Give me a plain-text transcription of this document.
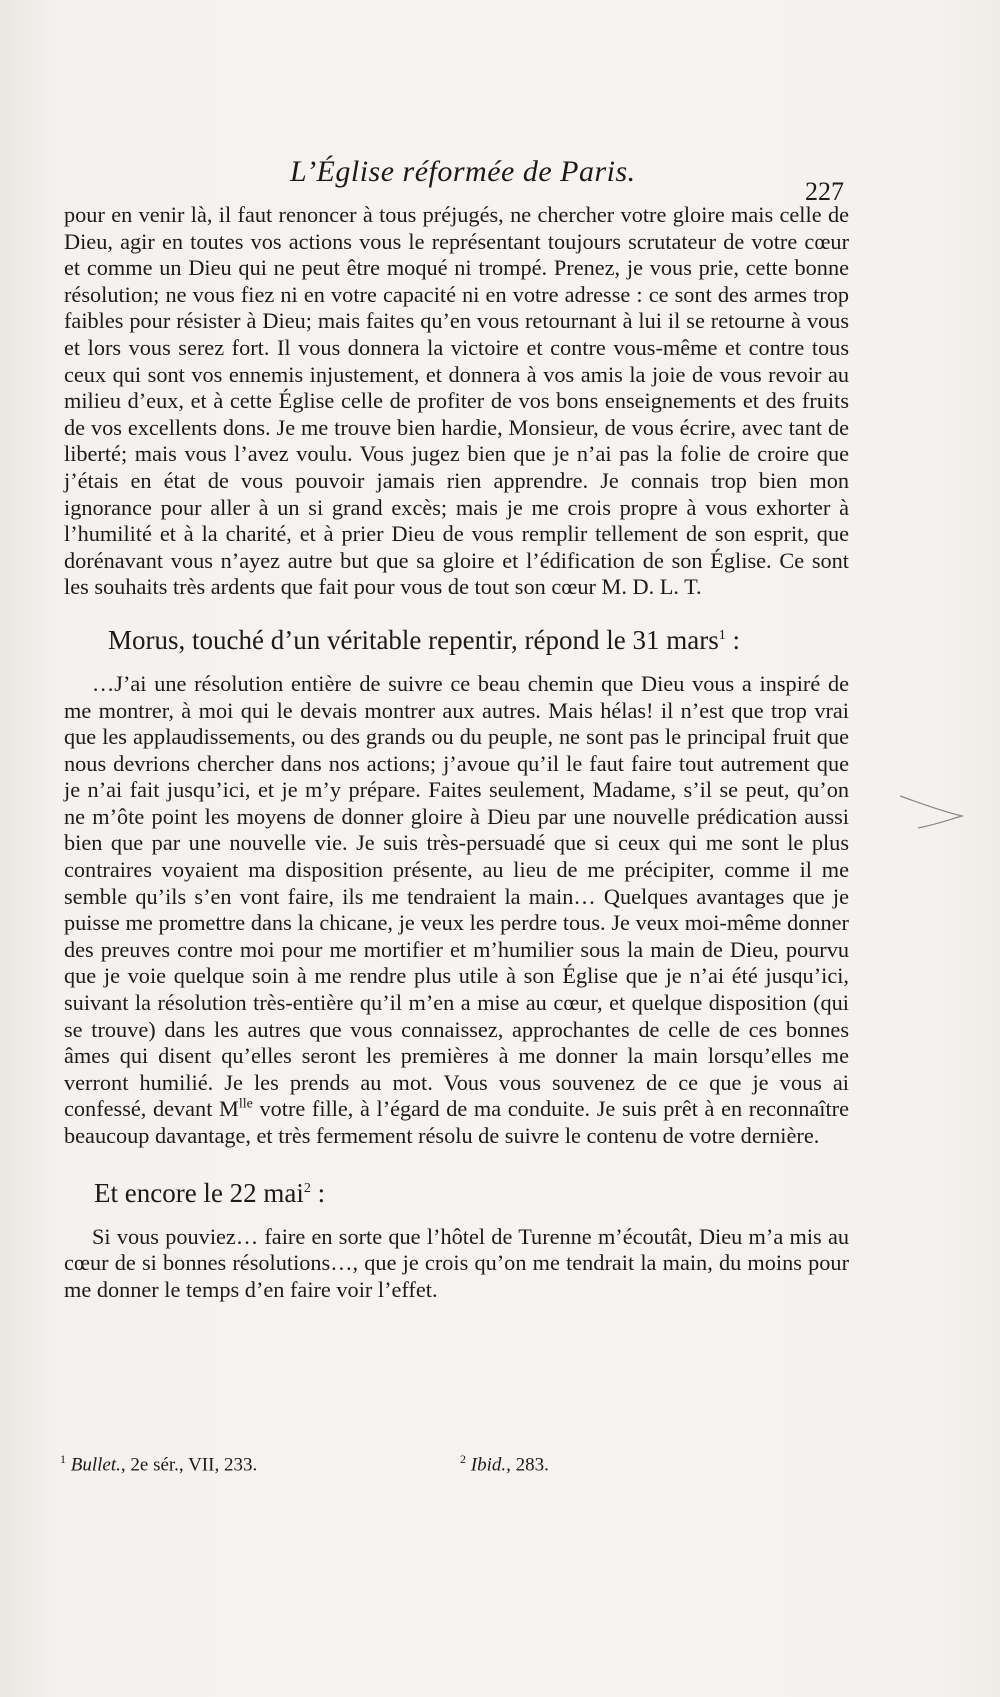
L’Église réformée de Paris.
227

pour en venir là, il faut renoncer à tous préjugés, ne chercher votre gloire mais celle de Dieu, agir en toutes vos actions vous le représentant toujours scrutateur de votre cœur et comme un Dieu qui ne peut être moqué ni trompé. Prenez, je vous prie, cette bonne résolution; ne vous fiez ni en votre capacité ni en votre adresse : ce sont des armes trop faibles pour résister à Dieu; mais faites qu’en vous retournant à lui il se retourne à vous et lors vous serez fort. Il vous donnera la victoire et contre vous-même et contre tous ceux qui sont vos ennemis injustement, et donnera à vos amis la joie de vous revoir au milieu d’eux, et à cette Église celle de profiter de vos bons enseignements et des fruits de vos excellents dons. Je me trouve bien hardie, Monsieur, de vous écrire, avec tant de liberté; mais vous l’avez voulu. Vous jugez bien que je n’ai pas la folie de croire que j’étais en état de vous pouvoir jamais rien apprendre. Je connais trop bien mon ignorance pour aller à un si grand excès; mais je me crois propre à vous exhorter à l’humilité et à la charité, et à prier Dieu de vous remplir tellement de son esprit, que dorénavant vous n’ayez autre but que sa gloire et l’édification de son Église. Ce sont les souhaits très ardents que fait pour vous de tout son cœur M. D. L. T.

Morus, touché d’un véritable repentir, répond le 31 mars$^1$ :

…J’ai une résolution entière de suivre ce beau chemin que Dieu vous a inspiré de me montrer, à moi qui le devais montrer aux autres. Mais hélas! il n’est que trop vrai que les applaudissements, ou des grands ou du peuple, ne sont pas le principal fruit que nous devrions chercher dans nos actions; j’avoue qu’il le faut faire tout autrement que je n’ai fait jusqu’ici, et je m’y prépare. Faites seulement, Madame, s’il se peut, qu’on ne m’ôte point les moyens de donner gloire à Dieu par une nouvelle prédication aussi bien que par une nouvelle vie. Je suis très-persuadé que si ceux qui me sont le plus contraires voyaient ma disposition présente, au lieu de me précipiter, comme il me semble qu’ils s’en vont faire, ils me tendraient la main… Quelques avantages que je puisse me promettre dans la chicane, je veux les perdre tous. Je veux moi-même donner des preuves contre moi pour me mortifier et m’humilier sous la main de Dieu, pourvu que je voie quelque soin à me rendre plus utile à son Église que je n’ai été jusqu’ici, suivant la résolution très-entière qu’il m’en a mise au cœur, et quelque disposition (qui se trouve) dans les autres que vous connaissez, approchantes de celle de ces bonnes âmes qui disent qu’elles seront les premières à me donner la main lorsqu’elles me verront humilié. Je les prends au mot. Vous vous souvenez de ce que je vous ai confessé, devant $M^{lle}$ votre fille, à l’égard de ma conduite. Je suis prêt à en reconnaître beaucoup davantage, et très fermement résolu de suivre le contenu de votre dernière.

Et encore le 22 mai$^2$ :

Si vous pouviez… faire en sorte que l’hôtel de Turenne m’écoutât, Dieu m’a mis au cœur de si bonnes résolutions…, que je crois qu’on me tendrait la main, du moins pour me donner le temps d’en faire voir l’effet.

$^1$ Bullet., 2e sér., VII, 233.	$^2$ Ibid., 283.
